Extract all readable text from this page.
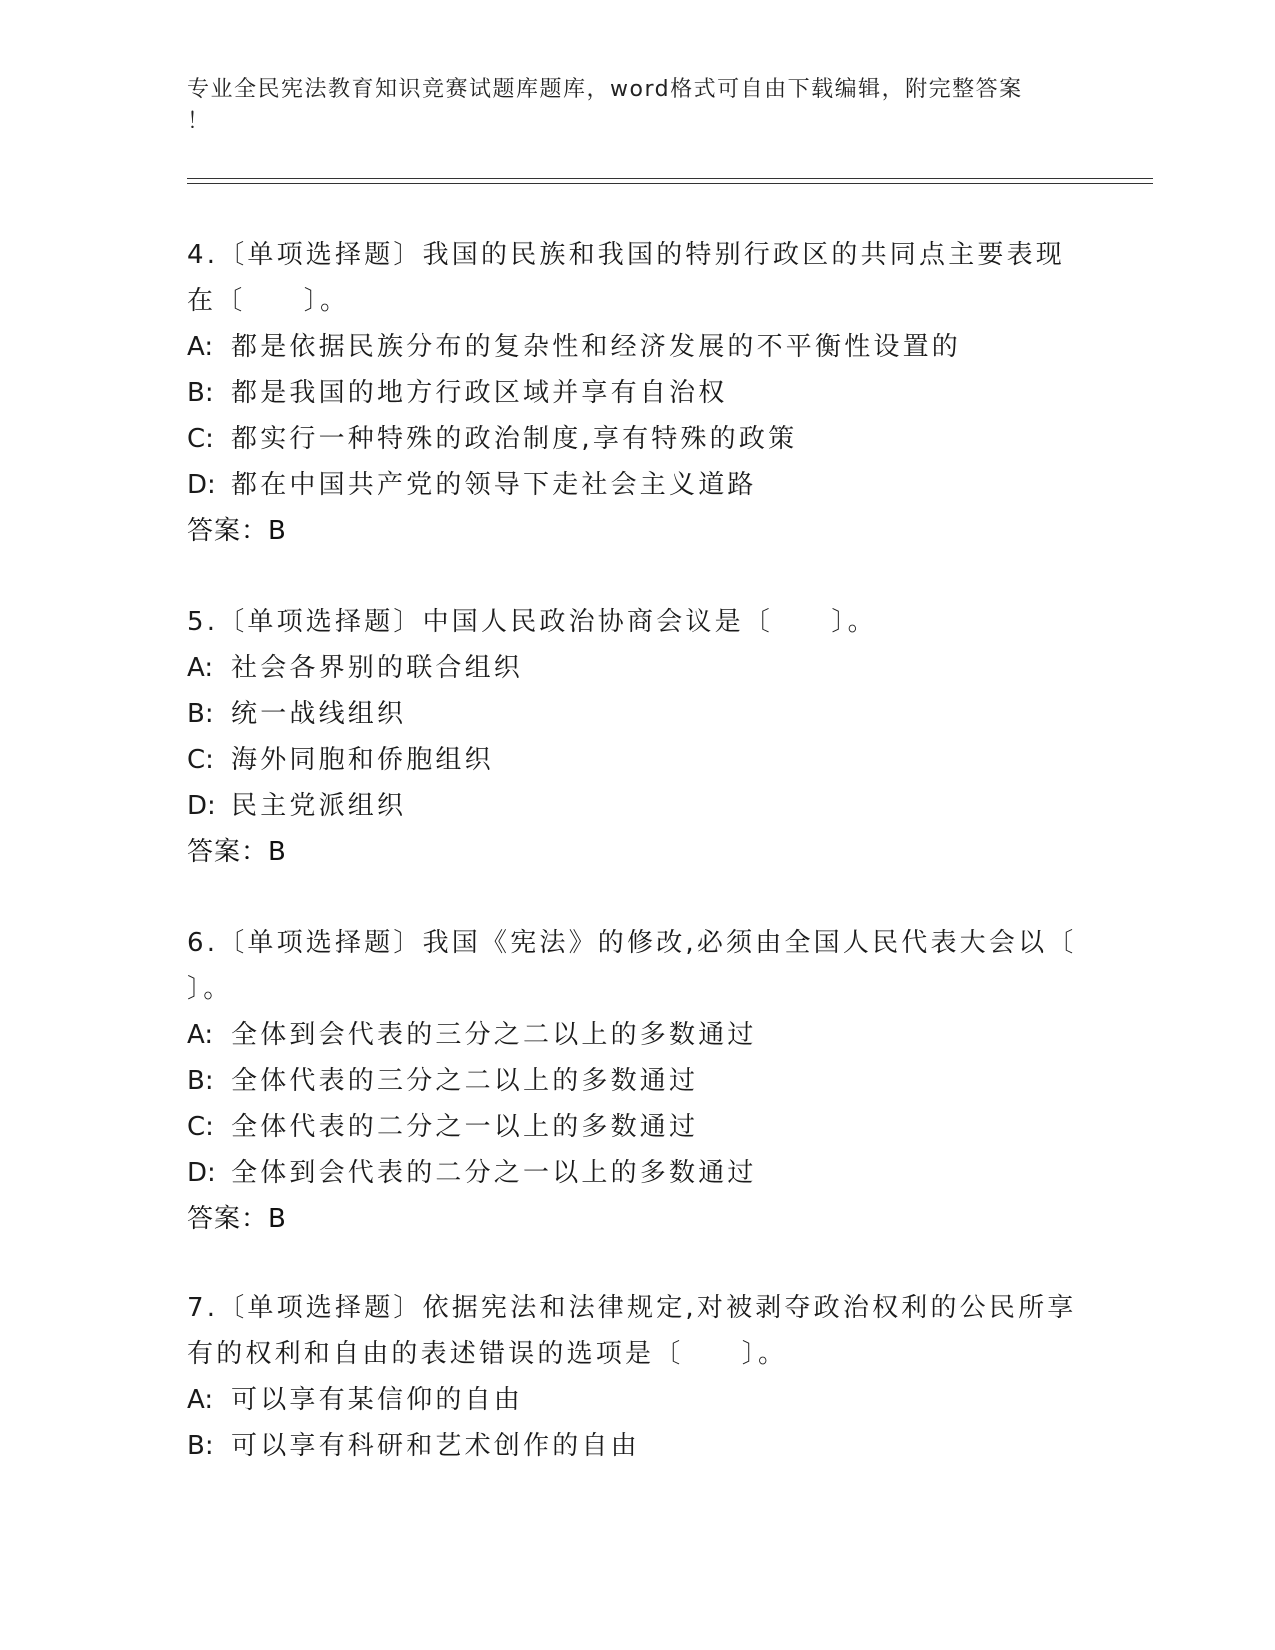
专业全民宪法教育知识竞赛试题库题库，word格式可自由下载编辑，附完整答案
！

4.〔单项选择题〕我国的民族和我国的特别行政区的共同点主要表现

在〔　　〕。

A: 都是依据民族分布的复杂性和经济发展的不平衡性设置的

B: 都是我国的地方行政区域并享有自治权

C: 都实行一种特殊的政治制度,享有特殊的政策

D: 都在中国共产党的领导下走社会主义道路

答案：B

5.〔单项选择题〕中国人民政治协商会议是〔　　〕。

A: 社会各界别的联合组织

B: 统一战线组织

C: 海外同胞和侨胞组织

D: 民主党派组织

答案：B

6.〔单项选择题〕我国《宪法》的修改,必须由全国人民代表大会以〔

〕。

A: 全体到会代表的三分之二以上的多数通过

B: 全体代表的三分之二以上的多数通过

C: 全体代表的二分之一以上的多数通过

D: 全体到会代表的二分之一以上的多数通过

答案：B

7.〔单项选择题〕依据宪法和法律规定,对被剥夺政治权利的公民所享

有的权利和自由的表述错误的选项是〔　　〕。

A: 可以享有某信仰的自由

B: 可以享有科研和艺术创作的自由
